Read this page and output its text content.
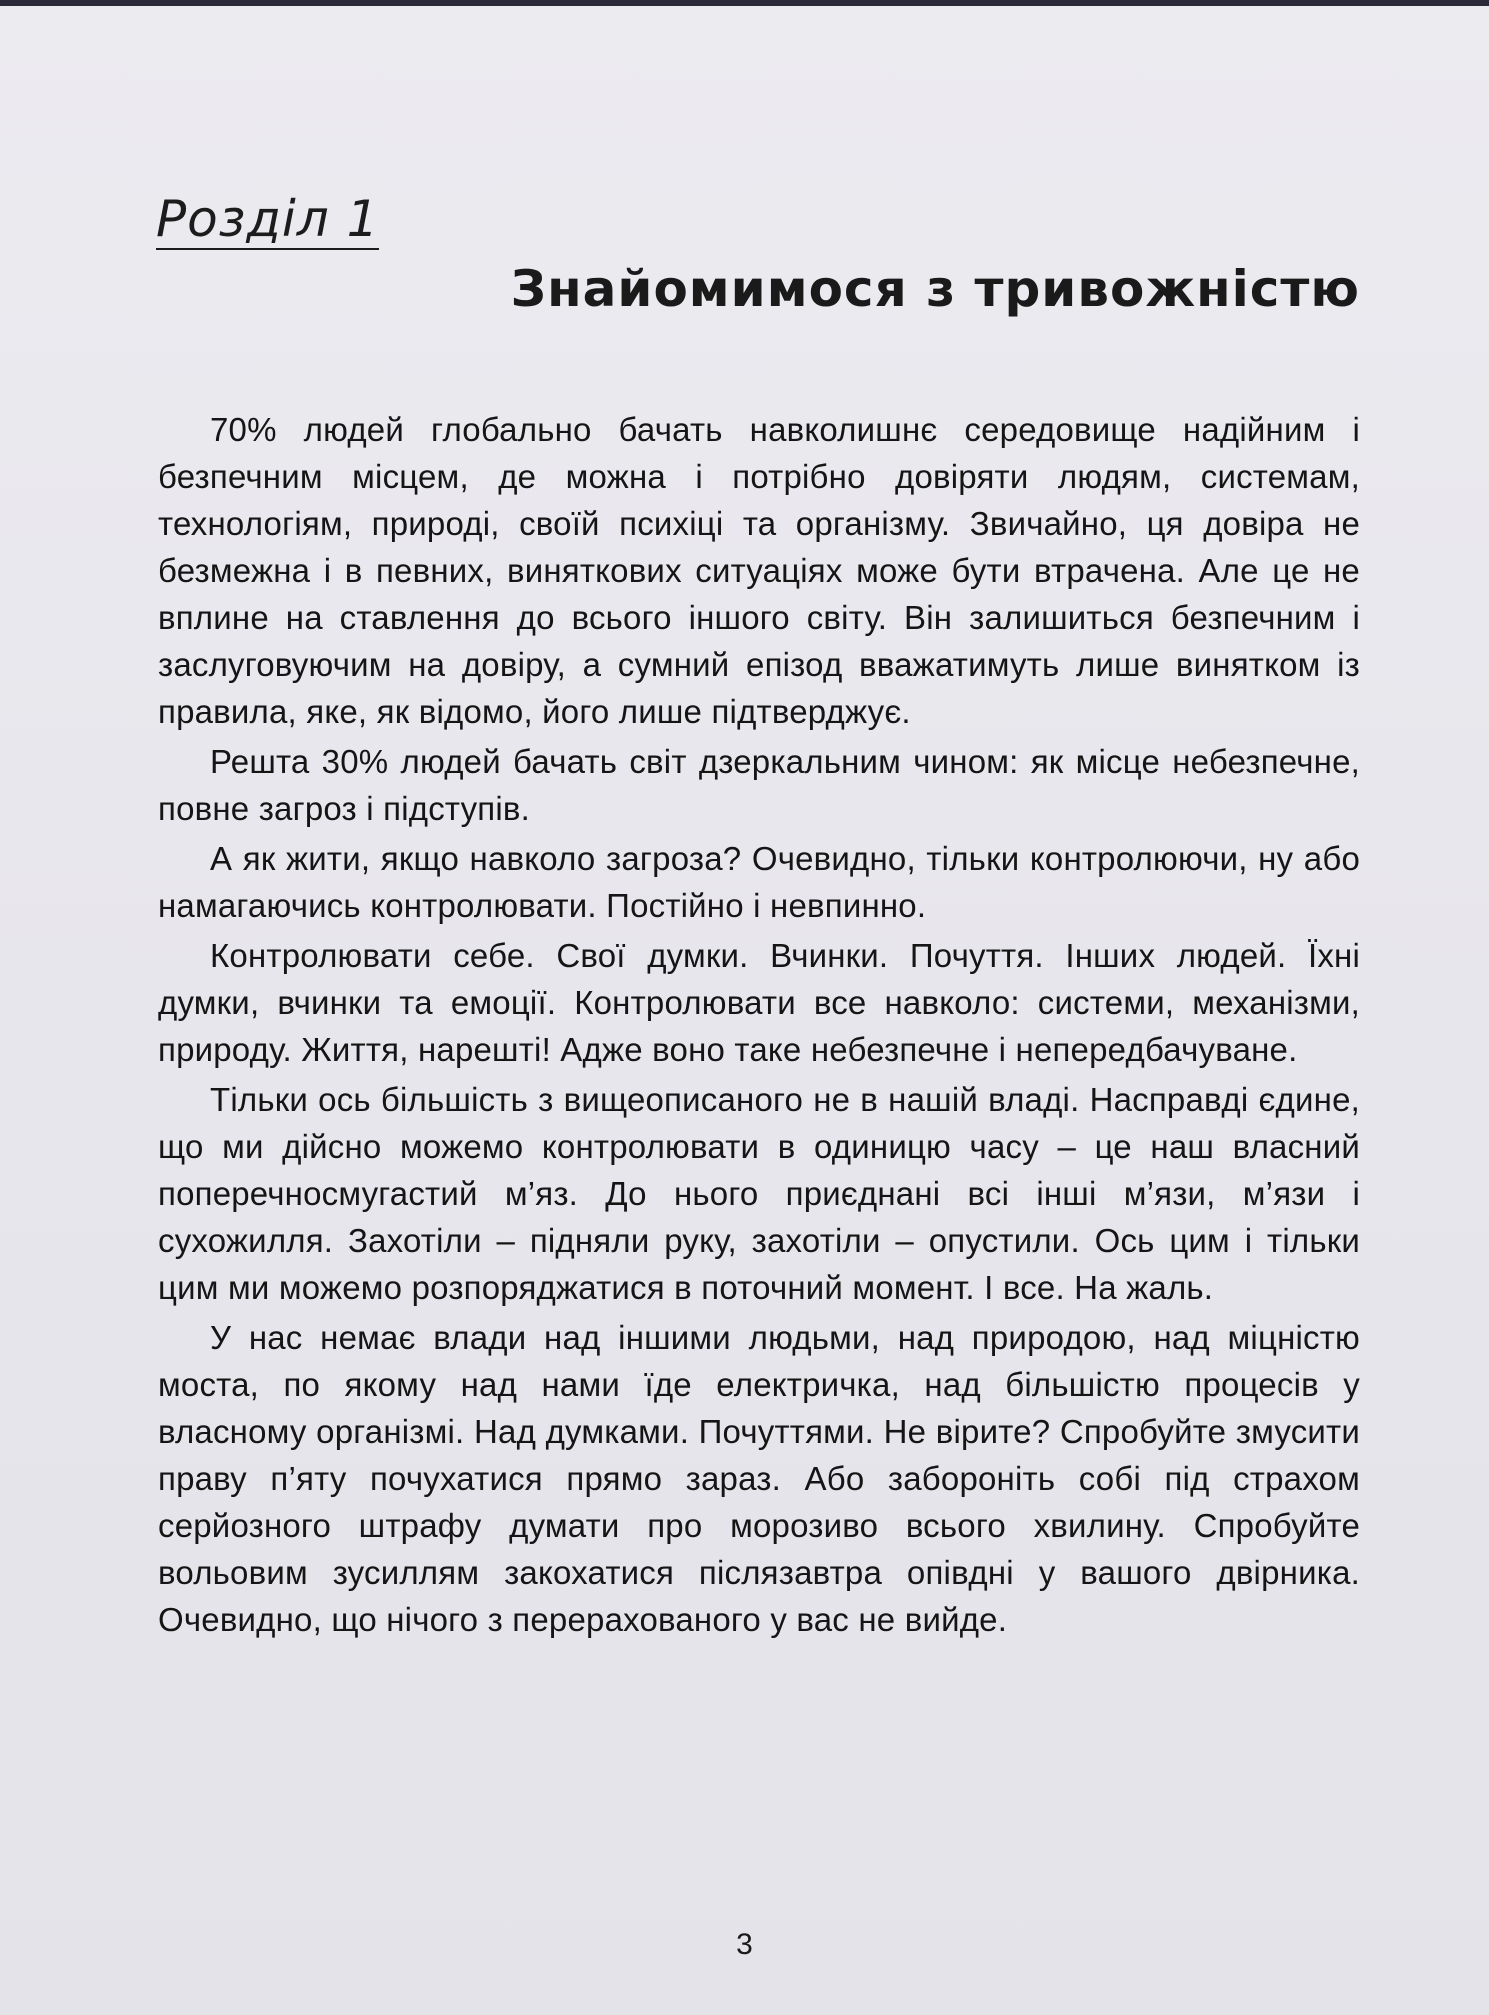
Розділ 1
Знайомимося з тривожністю

70% людей глобально бачать навколишнє середовище надійним і безпечним місцем, де можна і потрібно довіряти людям, системам, технологіям, природі, своїй психіці та організму. Звичайно, ця довіра не безмежна і в певних, виняткових ситуаціях може бути втрачена. Але це не вплине на ставлення до всього іншого світу. Він залишиться безпечним і заслуговуючим на довіру, а сумний епізод вважатимуть лише винятком із правила, яке, як відомо, його лише підтверджує.

Решта 30% людей бачать світ дзеркальним чином: як місце небезпечне, повне загроз і підступів.

А як жити, якщо навколо загроза? Очевидно, тільки контролюючи, ну або намагаючись контролювати. Постійно і невпинно.

Контролювати себе. Свої думки. Вчинки. Почуття. Інших людей. Їхні думки, вчинки та емоції. Контролювати все навколо: системи, механізми, природу. Життя, нарешті! Адже воно таке небезпечне і непередбачуване.

Тільки ось більшість з вищеописаного не в нашій владі. Насправді єдине, що ми дійсно можемо контролювати в одиницю часу – це наш власний поперечносмугастий м’яз. До нього приєднані всі інші м’язи, м’язи і сухожилля. Захотіли – підняли руку, захотіли – опустили. Ось цим і тільки цим ми можемо розпоряджатися в поточний момент. І все. На жаль.

У нас немає влади над іншими людьми, над природою, над міцністю моста, по якому над нами їде електричка, над більшістю процесів у власному організмі. Над думками. Почуттями. Не вірите? Спробуйте змусити праву п’яту почухатися прямо зараз. Або забороніть собі під страхом серйозного штрафу думати про морозиво всього хвилину. Спробуйте вольовим зусиллям закохатися післязавтра опівдні у вашого двірника. Очевидно, що нічого з перерахованого у вас не вийде.

3
